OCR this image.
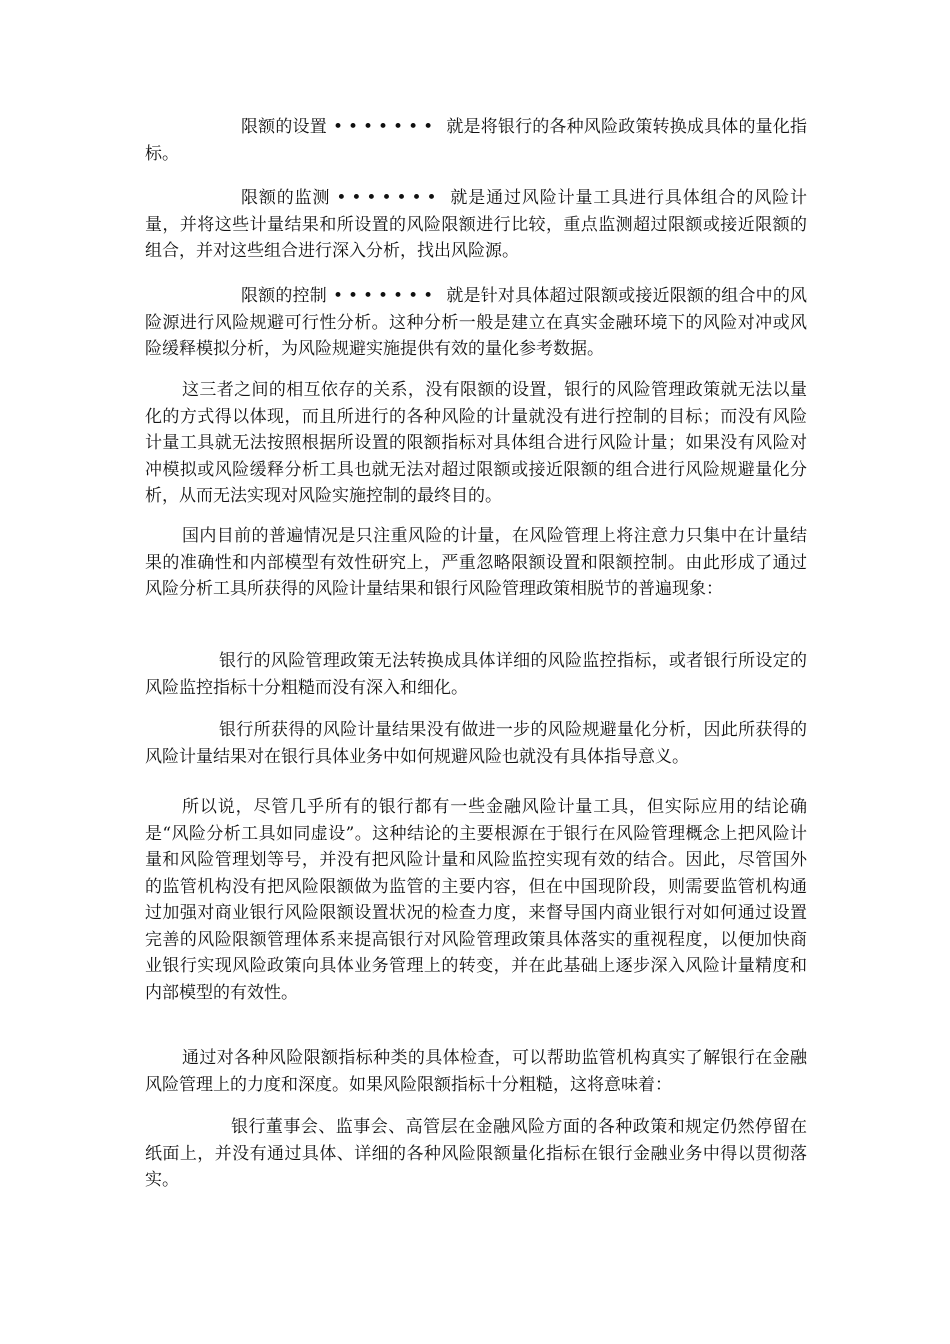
限额的设置 ••••••• 就是将银行的各种风险政策转换成具体的量化指标。

限额的监测 ••••••• 就是通过风险计量工具进行具体组合的风险计量，并将这些计量结果和所设置的风险限额进行比较，重点监测超过限额或接近限额的组合，并对这些组合进行深入分析，找出风险源。

限额的控制 ••••••• 就是针对具体超过限额或接近限额的组合中的风险源进行风险规避可行性分析。这种分析一般是建立在真实金融环境下的风险对冲或风险缓释模拟分析，为风险规避实施提供有效的量化参考数据。

这三者之间的相互依存的关系，没有限额的设置，银行的风险管理政策就无法以量化的方式得以体现，而且所进行的各种风险的计量就没有进行控制的目标；而没有风险计量工具就无法按照根据所设置的限额指标对具体组合进行风险计量；如果没有风险对冲模拟或风险缓释分析工具也就无法对超过限额或接近限额的组合进行风险规避量化分析，从而无法实现对风险实施控制的最终目的。

国内目前的普遍情况是只注重风险的计量，在风险管理上将注意力只集中在计量结果的准确性和内部模型有效性研究上，严重忽略限额设置和限额控制。由此形成了通过风险分析工具所获得的风险计量结果和银行风险管理政策相脱节的普遍现象：

银行的风险管理政策无法转换成具体详细的风险监控指标，或者银行所设定的风险监控指标十分粗糙而没有深入和细化。

银行所获得的风险计量结果没有做进一步的风险规避量化分析，因此所获得的风险计量结果对在银行具体业务中如何规避风险也就没有具体指导意义。

所以说，尽管几乎所有的银行都有一些金融风险计量工具，但实际应用的结论确是“风险分析工具如同虚设”。这种结论的主要根源在于银行在风险管理概念上把风险计量和风险管理划等号，并没有把风险计量和风险监控实现有效的结合。因此，尽管国外的监管机构没有把风险限额做为监管的主要内容，但在中国现阶段，则需要监管机构通过加强对商业银行风险限额设置状况的检查力度，来督导国内商业银行对如何通过设置完善的风险限额管理体系来提高银行对风险管理政策具体落实的重视程度，以便加快商业银行实现风险政策向具体业务管理上的转变，并在此基础上逐步深入风险计量精度和内部模型的有效性。

通过对各种风险限额指标种类的具体检查，可以帮助监管机构真实了解银行在金融风险管理上的力度和深度。如果风险限额指标十分粗糙，这将意味着：

银行董事会、监事会、高管层在金融风险方面的各种政策和规定仍然停留在纸面上，并没有通过具体、详细的各种风险限额量化指标在银行金融业务中得以贯彻落实。
